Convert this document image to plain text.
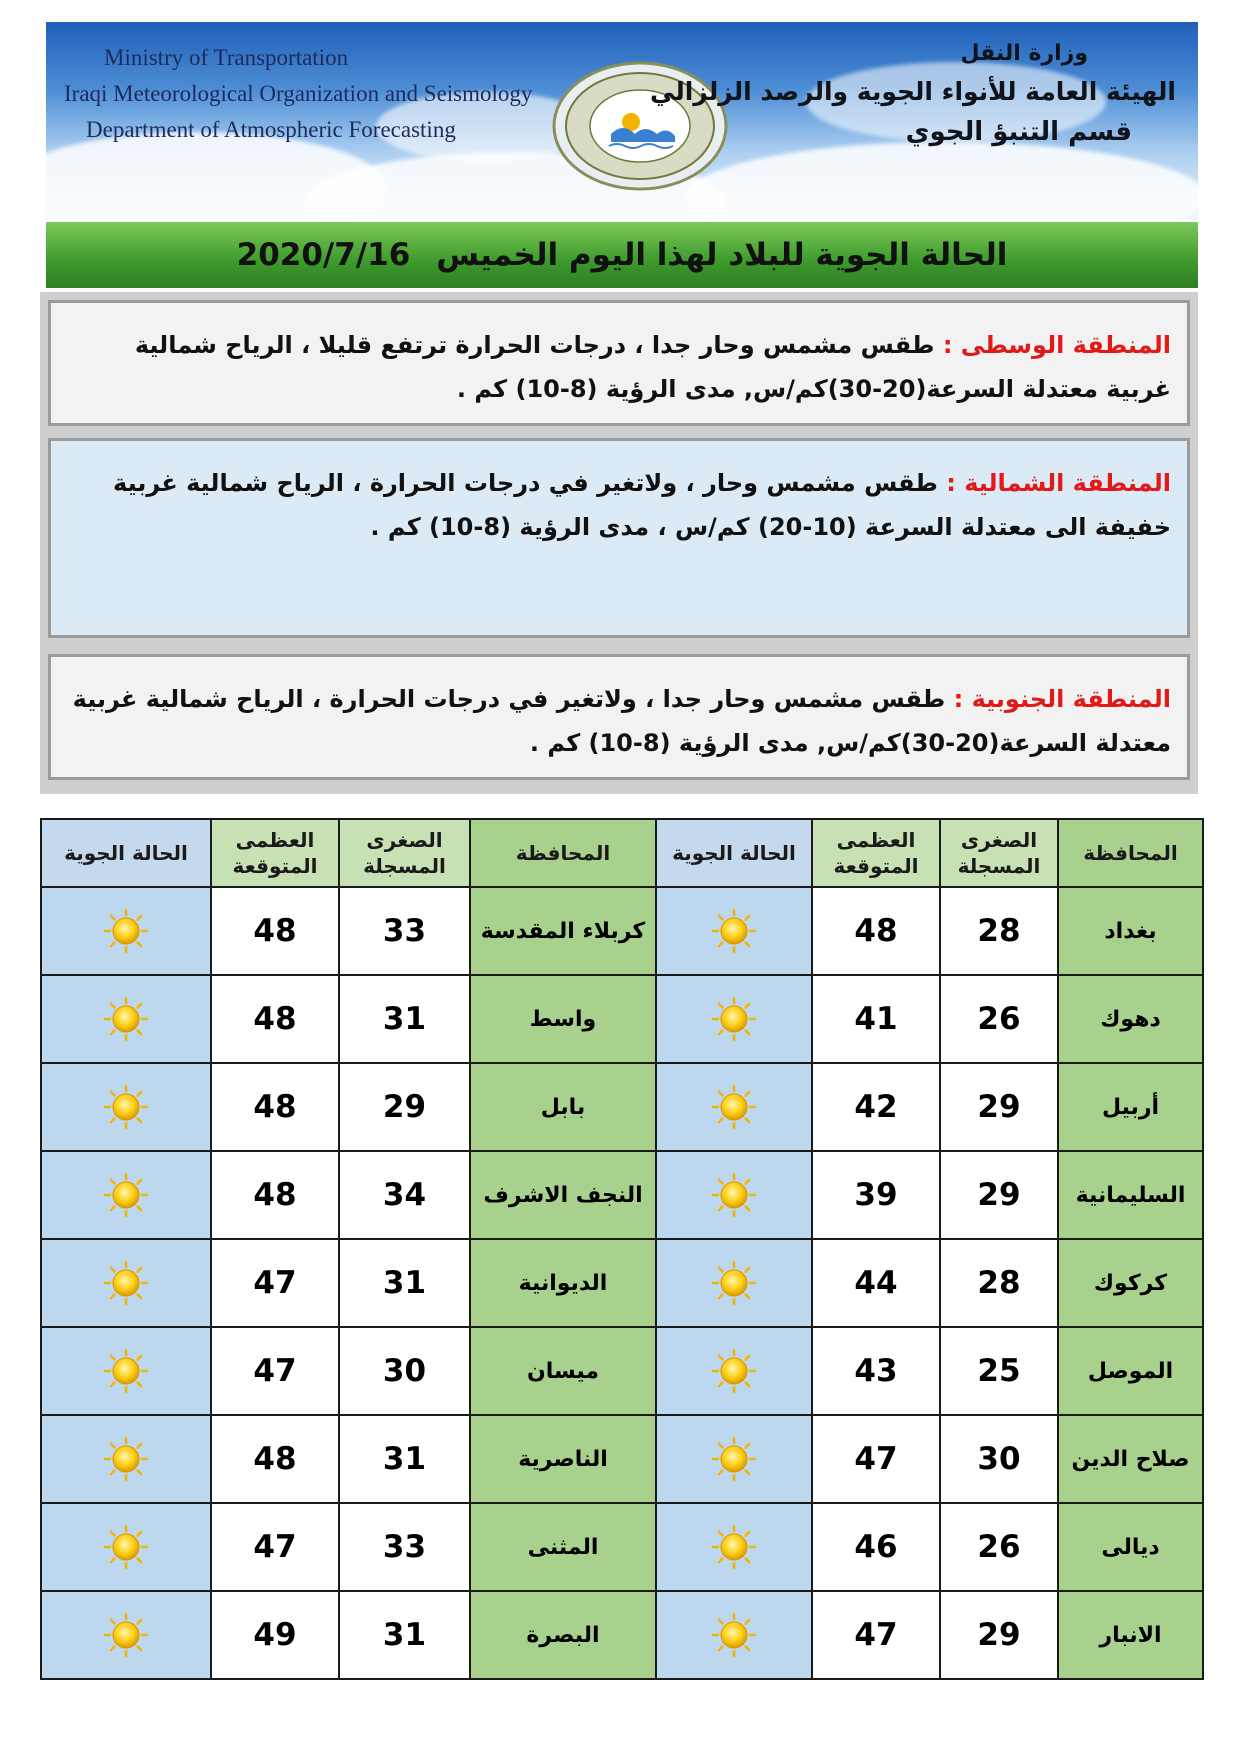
Ministry of Transportation
Iraqi Meteorological Organization and Seismology
Department of Atmospheric Forecasting
وزارة النقل
الهيئة العامة للأنواء الجوية والرصد الزلزالي
قسم التنبؤ الجوي
الحالة الجوية للبلاد لهذا اليوم الخميس
2020/7/16
المنطقة الوسطى : طقس مشمس وحار جدا ، درجات الحرارة ترتفع قليلا ، الرياح شمالية غربية معتدلة السرعة(20-30)كم/س, مدى الرؤية (8-10) كم .
المنطقة الشمالية : طقس مشمس وحار ، ولاتغير في درجات الحرارة ، الرياح شمالية غربية خفيفة الى معتدلة السرعة (10-20) كم/س ، مدى الرؤية (8-10) كم .
المنطقة الجنوبية : طقس مشمس وحار جدا ، ولاتغير في درجات الحرارة ، الرياح شمالية غربية معتدلة السرعة(20-30)كم/س, مدى الرؤية (8-10) كم .
المحافظة	الصغرى المسجلة	العظمى المتوقعة	الحالة الجوية	المحافظة	الصغرى المسجلة	العظمى المتوقعة	الحالة الجوية
بغداد	28	48		كربلاء المقدسة	33	48	
دهوك	26	41		واسط	31	48	
أربيل	29	42		بابل	29	48	
السليمانية	29	39		النجف الاشرف	34	48	
كركوك	28	44		الديوانية	31	47	
الموصل	25	43		ميسان	30	47	
صلاح الدين	30	47		الناصرية	31	48	
ديالى	26	46		المثنى	33	47	
الانبار	29	47		البصرة	31	49	
